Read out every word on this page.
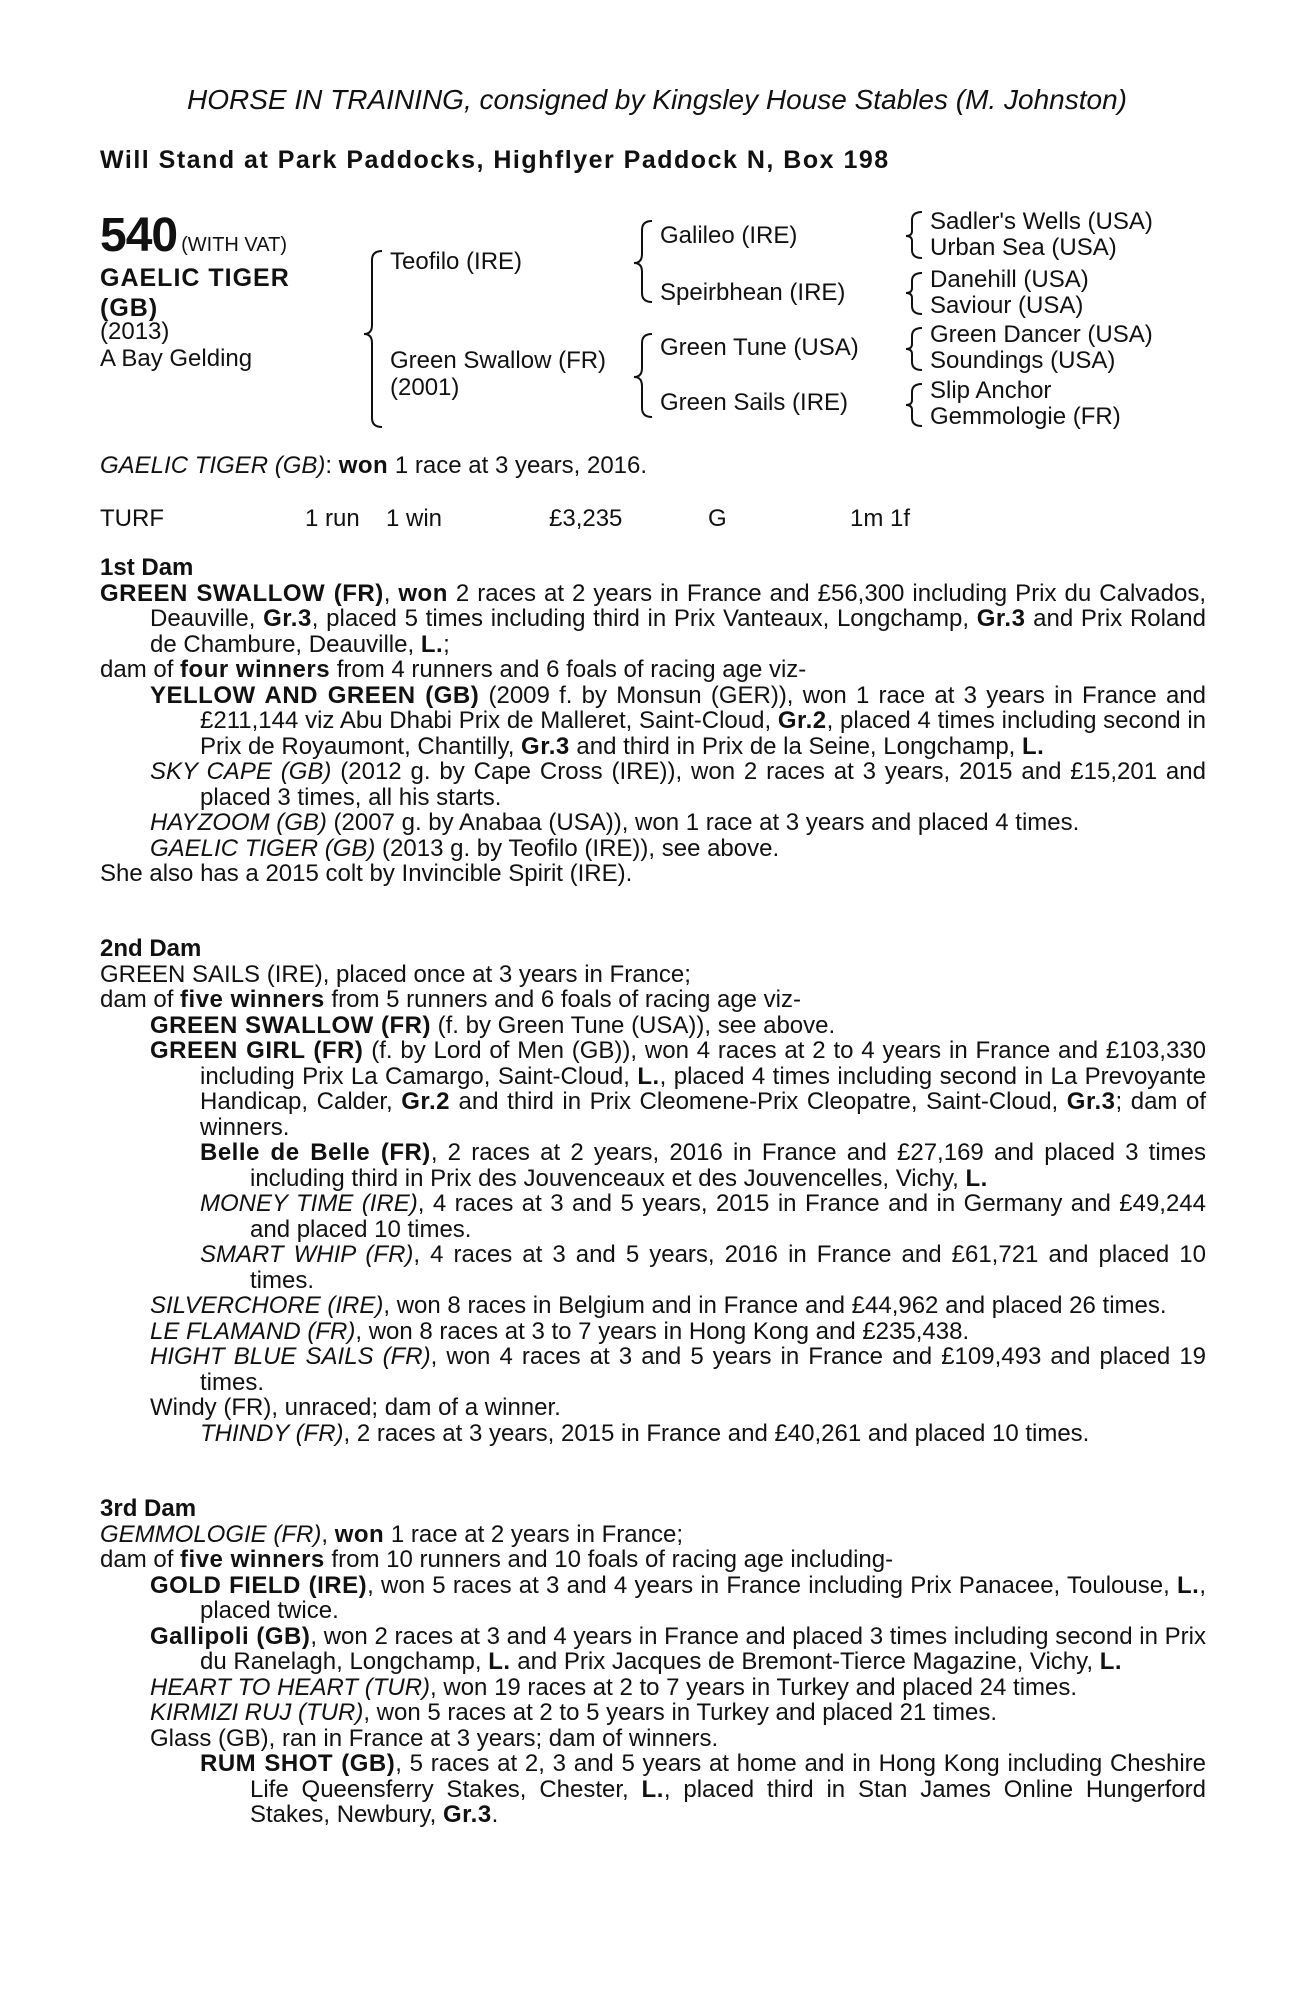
HORSE IN TRAINING, consigned by Kingsley House Stables (M. Johnston)
Will Stand at Park Paddocks, Highflyer Paddock N, Box 198
540 (WITH VAT)
GAELIC TIGER
(GB)
(2013)
A Bay Gelding
Teofilo (IRE)
Green Swallow (FR)
(2001)
Galileo (IRE)
Speirbhean (IRE)
Green Tune (USA)
Green Sails (IRE)
Sadler's Wells (USA)
Urban Sea (USA)
Danehill (USA)
Saviour (USA)
Green Dancer (USA)
Soundings (USA)
Slip Anchor
Gemmologie (FR)
GAELIC TIGER (GB): won 1 race at 3 years, 2016.
TURF	1 run 1 win	£3,235	G	1m 1f
1st Dam

GREEN SWALLOW (FR), won 2 races at 2 years in France and £56,300 including Prix du Calvados, Deauville, Gr.3, placed 5 times including third in Prix Vanteaux, Longchamp, Gr.3 and Prix Roland de Chambure, Deauville, L.;

dam of four winners from 4 runners and 6 foals of racing age viz-

YELLOW AND GREEN (GB) (2009 f. by Monsun (GER)), won 1 race at 3 years in France and £211,144 viz Abu Dhabi Prix de Malleret, Saint-Cloud, Gr.2, placed 4 times including second in Prix de Royaumont, Chantilly, Gr.3 and third in Prix de la Seine, Longchamp, L.

SKY CAPE (GB) (2012 g. by Cape Cross (IRE)), won 2 races at 3 years, 2015 and £15,201 and placed 3 times, all his starts.

HAYZOOM (GB) (2007 g. by Anabaa (USA)), won 1 race at 3 years and placed 4 times.

GAELIC TIGER (GB) (2013 g. by Teofilo (IRE)), see above.

She also has a 2015 colt by Invincible Spirit (IRE).

2nd Dam

GREEN SAILS (IRE), placed once at 3 years in France;

dam of five winners from 5 runners and 6 foals of racing age viz-

GREEN SWALLOW (FR) (f. by Green Tune (USA)), see above.

GREEN GIRL (FR) (f. by Lord of Men (GB)), won 4 races at 2 to 4 years in France and £103,330 including Prix La Camargo, Saint-Cloud, L., placed 4 times including second in La Prevoyante Handicap, Calder, Gr.2 and third in Prix Cleomene-Prix Cleopatre, Saint-Cloud, Gr.3; dam of winners.

Belle de Belle (FR), 2 races at 2 years, 2016 in France and £27,169 and placed 3 times including third in Prix des Jouvenceaux et des Jouvencelles, Vichy, L.

MONEY TIME (IRE), 4 races at 3 and 5 years, 2015 in France and in Germany and £49,244 and placed 10 times.

SMART WHIP (FR), 4 races at 3 and 5 years, 2016 in France and £61,721 and placed 10 times.

SILVERCHORE (IRE), won 8 races in Belgium and in France and £44,962 and placed 26 times.

LE FLAMAND (FR), won 8 races at 3 to 7 years in Hong Kong and £235,438.

HIGHT BLUE SAILS (FR), won 4 races at 3 and 5 years in France and £109,493 and placed 19 times.

Windy (FR), unraced; dam of a winner.

THINDY (FR), 2 races at 3 years, 2015 in France and £40,261 and placed 10 times.

3rd Dam

GEMMOLOGIE (FR), won 1 race at 2 years in France;

dam of five winners from 10 runners and 10 foals of racing age including-

GOLD FIELD (IRE), won 5 races at 3 and 4 years in France including Prix Panacee, Toulouse, L., placed twice.

Gallipoli (GB), won 2 races at 3 and 4 years in France and placed 3 times including second in Prix du Ranelagh, Longchamp, L. and Prix Jacques de Bremont-Tierce Magazine, Vichy, L.

HEART TO HEART (TUR), won 19 races at 2 to 7 years in Turkey and placed 24 times.

KIRMIZI RUJ (TUR), won 5 races at 2 to 5 years in Turkey and placed 21 times.

Glass (GB), ran in France at 3 years; dam of winners.

RUM SHOT (GB), 5 races at 2, 3 and 5 years at home and in Hong Kong including Cheshire Life Queensferry Stakes, Chester, L., placed third in Stan James Online Hungerford Stakes, Newbury, Gr.3.
